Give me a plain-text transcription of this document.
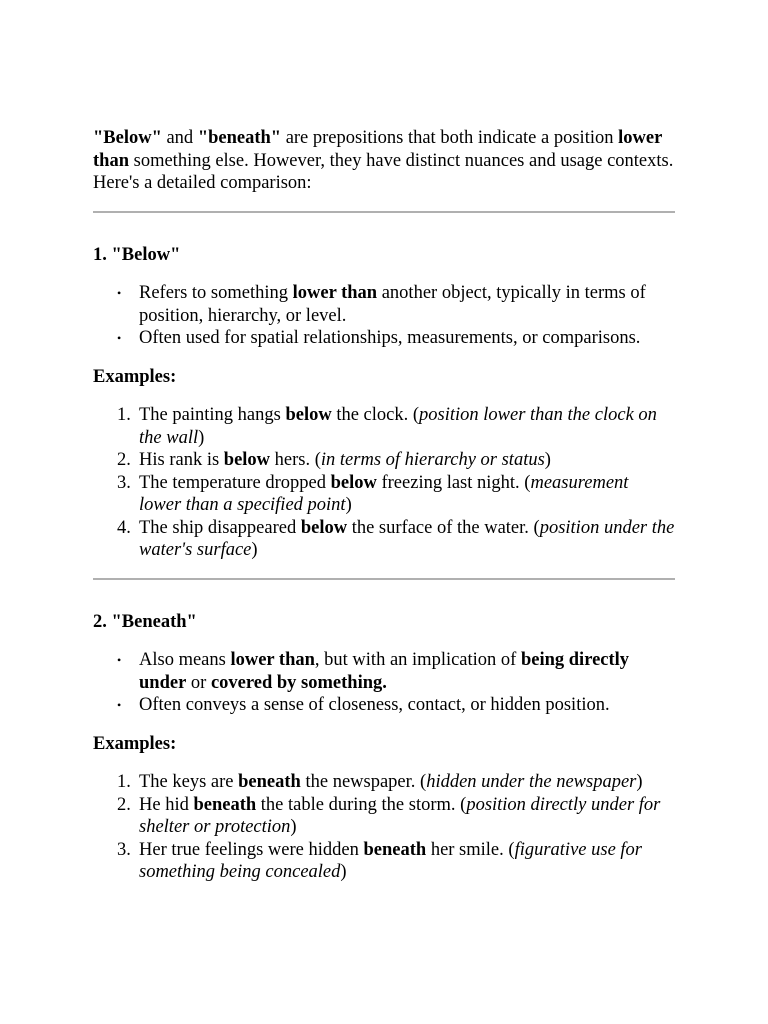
"Below" and "beneath" are prepositions that both indicate a position lower than something else. However, they have distinct nuances and usage contexts. Here's a detailed comparison:

1. "Below"
• Refers to something lower than another object, typically in terms of position, hierarchy, or level.
• Often used for spatial relationships, measurements, or comparisons.

Examples:

1. The painting hangs below the clock. (position lower than the clock on the wall)
2. His rank is below hers. (in terms of hierarchy or status)
3. The temperature dropped below freezing last night. (measurement lower than a specified point)
4. The ship disappeared below the surface of the water. (position under the water's surface)
2. "Beneath"
• Also means lower than, but with an implication of being directly under or covered by something.
• Often conveys a sense of closeness, contact, or hidden position.

Examples:

1. The keys are beneath the newspaper. (hidden under the newspaper)
2. He hid beneath the table during the storm. (position directly under for shelter or protection)
3. Her true feelings were hidden beneath her smile. (figurative use for something being concealed)
